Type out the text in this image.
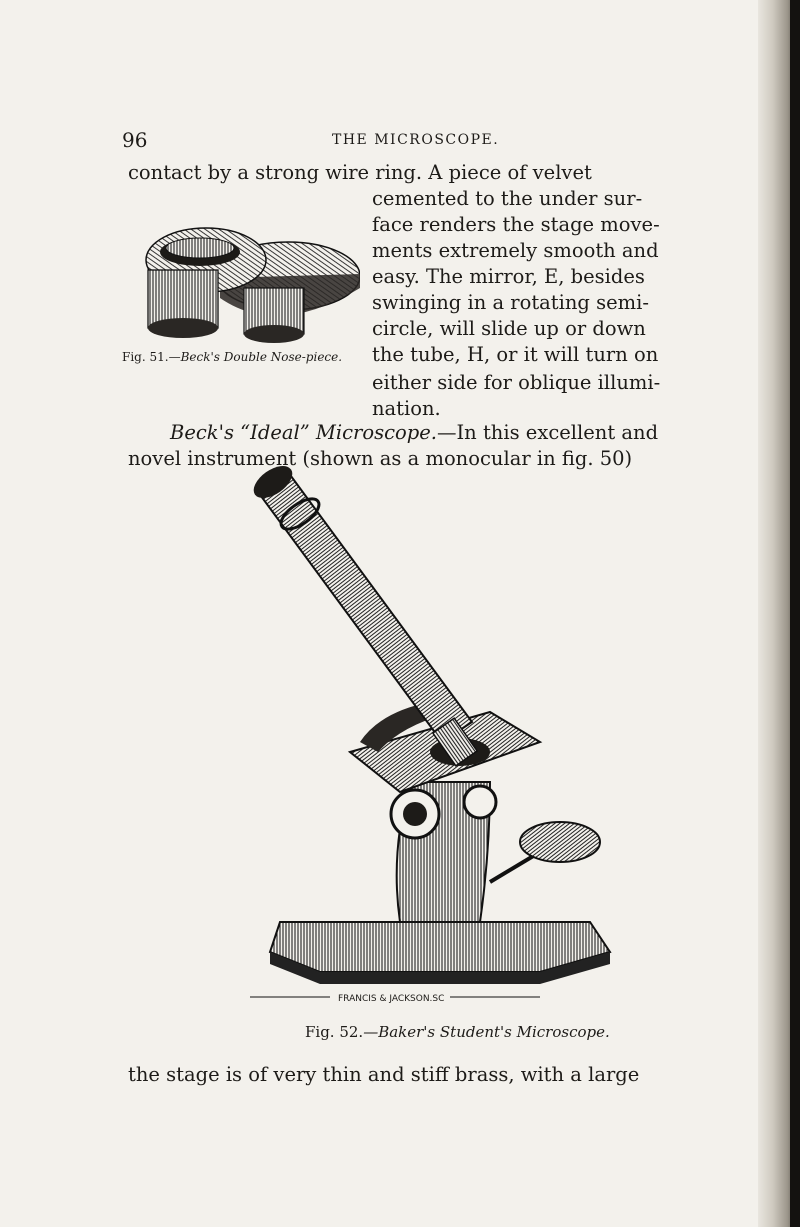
96	THE MICROSCOPE.
contact by a strong wire ring. A piece of velvet
cemented to the under sur-
face renders the stage move-
ments extremely smooth and
easy. The mirror, E, besides
swinging in a rotating semi-
circle, will slide up or down
the tube, H, or it will turn on
either side for oblique illumi-
nation.
Fig. 51.—Beck's Double Nose-piece.
Beck's “Ideal” Microscope.—In this excellent and
novel instrument (shown as a monocular in fig. 50)
FRANCIS & JACKSON.SC
Fig. 52.—Baker's Student's Microscope.
the stage is of very thin and stiff brass, with a large
